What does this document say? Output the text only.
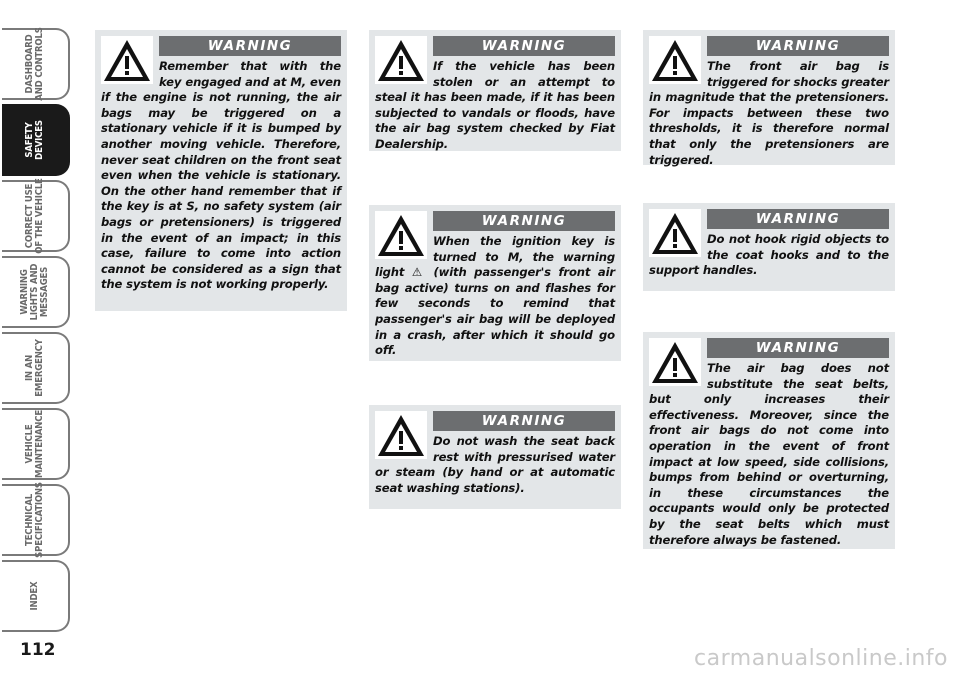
DASHBOARD
AND CONTROLS
SAFETY
DEVICES
CORRECT USE
OF THE VEHICLE
WARNING
LIGHTS AND
MESSAGES
IN AN
EMERGENCY
VEHICLE
MAINTENANCE
TECHNICAL
SPECIFICATIONS
INDEX
112
WARNING

Remember that with the key engaged and at M, even if the engine is not running, the air bags may be triggered on a stationary vehicle if it is bumped by another moving vehicle. Therefore, never seat children on the front seat even when the vehicle is stationary. On the other hand remember that if the key is at S, no safety system (air bags or pretensioners) is triggered in the event of an impact; in this case, failure to come into action cannot be considered as a sign that the system is not working properly.

WARNING

If the vehicle has been stolen or an attempt to steal it has been made, if it has been subjected to vandals or floods, have the air bag system checked by Fiat Dealership.

WARNING

When the ignition key is turned to M, the warning light ⚠ (with passenger's front air bag active) turns on and flashes for few seconds to remind that passenger's air bag will be deployed in a crash, after which it should go off.

WARNING

Do not wash the seat back rest with pressurised water or steam (by hand or at automatic seat washing stations).

WARNING

The front air bag is triggered for shocks greater in magnitude that the pretensioners. For impacts between these two thresholds, it is therefore normal that only the pretensioners are triggered.

WARNING

Do not hook rigid objects to the coat hooks and to the support handles.

WARNING

The air bag does not substitute the seat belts, but only increases their effectiveness. Moreover, since the front air bags do not come into operation in the event of front impact at low speed, side collisions, bumps from behind or overturning, in these circumstances the occupants would only be protected by the seat belts which must therefore always be fastened.

carmanualsonline.info
